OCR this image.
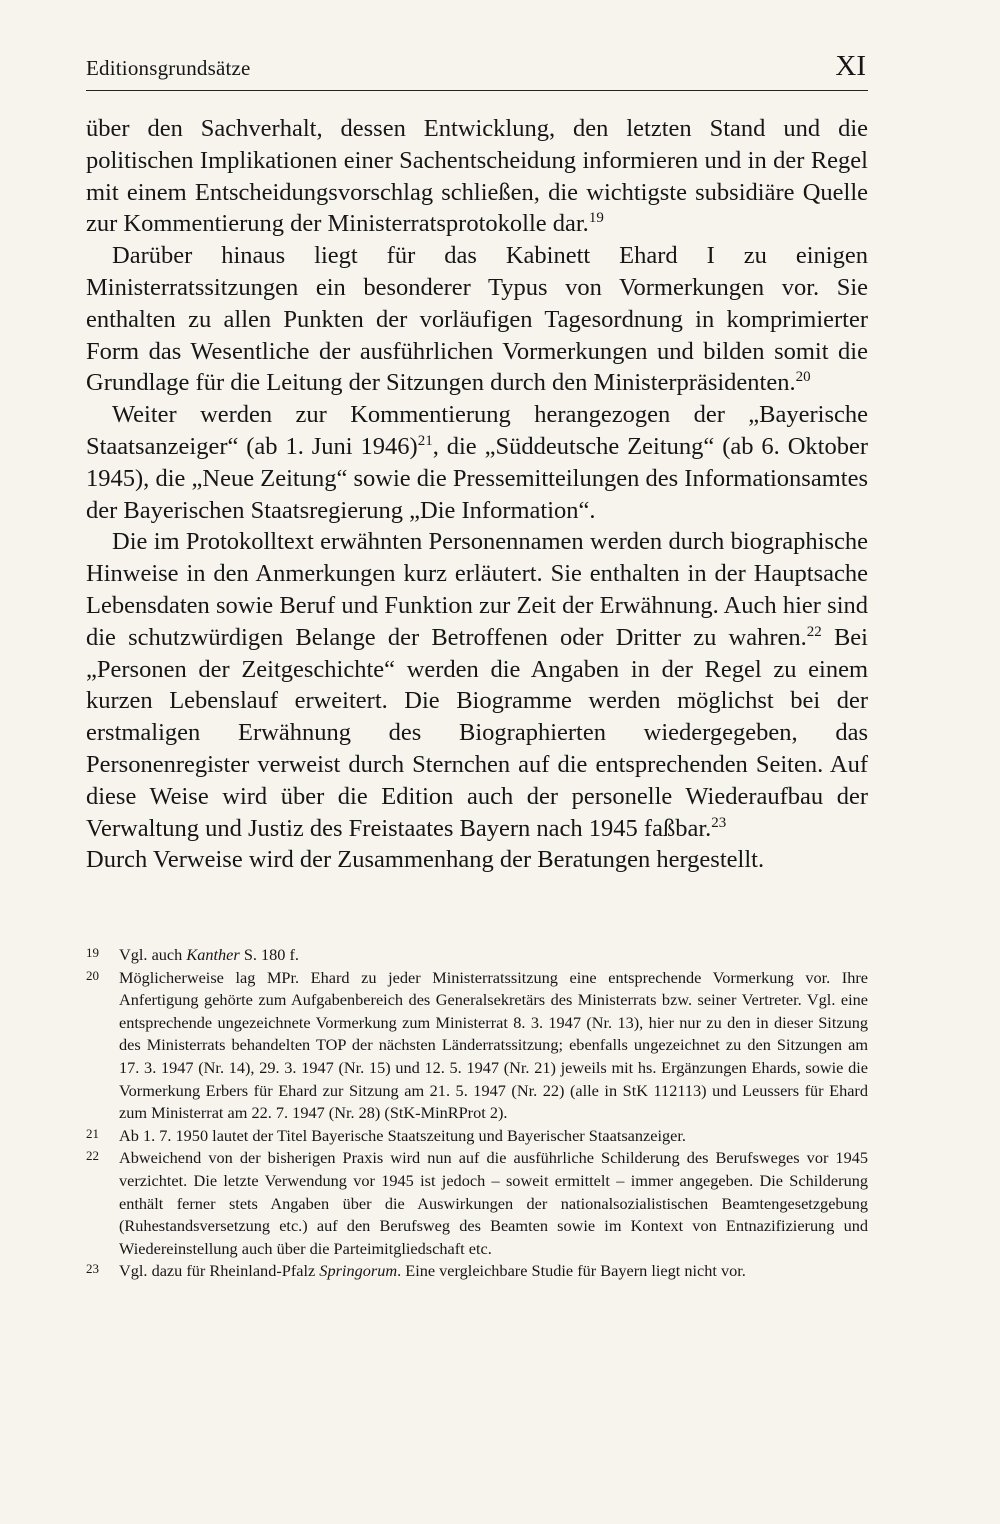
Editionsgrundsätze	XI

über den Sachverhalt, dessen Entwicklung, den letzten Stand und die politischen Implikationen einer Sachentscheidung informieren und in der Regel mit einem Entscheidungsvorschlag schließen, die wichtigste subsidiäre Quelle zur Kommentierung der Ministerratsprotokolle dar.$^{19}$

Darüber hinaus liegt für das Kabinett Ehard I zu einigen Ministerratssitzungen ein besonderer Typus von Vormerkungen vor. Sie enthalten zu allen Punkten der vorläufigen Tagesordnung in komprimierter Form das Wesentliche der ausführlichen Vormerkungen und bilden somit die Grundlage für die Leitung der Sitzungen durch den Ministerpräsidenten.$^{20}$

Weiter werden zur Kommentierung herangezogen der „Bayerische Staatsanzeiger“ (ab 1. Juni 1946)$^{21}$, die „Süddeutsche Zeitung“ (ab 6. Oktober 1945), die „Neue Zeitung“ sowie die Pressemitteilungen des Informationsamtes der Bayerischen Staatsregierung „Die Information“.

Die im Protokolltext erwähnten Personennamen werden durch biographische Hinweise in den Anmerkungen kurz erläutert. Sie enthalten in der Hauptsache Lebensdaten sowie Beruf und Funktion zur Zeit der Erwähnung. Auch hier sind die schutzwürdigen Belange der Betroffenen oder Dritter zu wahren.$^{22}$ Bei „Personen der Zeitgeschichte“ werden die Angaben in der Regel zu einem kurzen Lebenslauf erweitert. Die Biogramme werden möglichst bei der erstmaligen Erwähnung des Biographierten wiedergegeben, das Personenregister verweist durch Sternchen auf die entsprechenden Seiten. Auf diese Weise wird über die Edition auch der personelle Wiederaufbau der Verwaltung und Justiz des Freistaates Bayern nach 1945 faßbar.$^{23}$

Durch Verweise wird der Zusammenhang der Beratungen hergestellt.

19 Vgl. auch Kanther S. 180 f.

20 Möglicherweise lag MPr. Ehard zu jeder Ministerratssitzung eine entsprechende Vormerkung vor. Ihre Anfertigung gehörte zum Aufgabenbereich des Generalsekretärs des Ministerrats bzw. seiner Vertreter. Vgl. eine entsprechende ungezeichnete Vormerkung zum Ministerrat 8. 3. 1947 (Nr. 13), hier nur zu den in dieser Sitzung des Ministerrats behandelten TOP der nächsten Länderratssitzung; ebenfalls ungezeichnet zu den Sitzungen am 17. 3. 1947 (Nr. 14), 29. 3. 1947 (Nr. 15) und 12. 5. 1947 (Nr. 21) jeweils mit hs. Ergänzungen Ehards, sowie die Vormerkung Erbers für Ehard zur Sitzung am 21. 5. 1947 (Nr. 22) (alle in StK 112113) und Leussers für Ehard zum Ministerrat am 22. 7. 1947 (Nr. 28) (StK-MinRProt 2).

21 Ab 1. 7. 1950 lautet der Titel Bayerische Staatszeitung und Bayerischer Staatsanzeiger.

22 Abweichend von der bisherigen Praxis wird nun auf die ausführliche Schilderung des Berufsweges vor 1945 verzichtet. Die letzte Verwendung vor 1945 ist jedoch – soweit ermittelt – immer angegeben. Die Schilderung enthält ferner stets Angaben über die Auswirkungen der nationalsozialistischen Beamtengesetzgebung (Ruhestandsversetzung etc.) auf den Berufsweg des Beamten sowie im Kontext von Entnazifizierung und Wiedereinstellung auch über die Parteimitgliedschaft etc.

23 Vgl. dazu für Rheinland-Pfalz Springorum. Eine vergleichbare Studie für Bayern liegt nicht vor.
